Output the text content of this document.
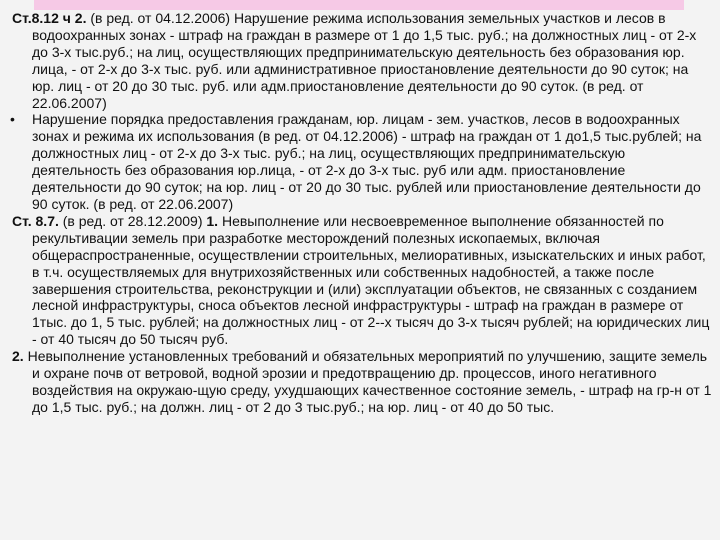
Ст.8.12 ч 2. (в ред. от 04.12.2006) Нарушение режима использования земельных участков и лесов в водоохранных зонах - штраф на граждан в размере от 1 до 1,5 тыс. руб.; на должностных лиц - от 2-х до 3-х тыс.руб.; на лиц, осуществляющих предпринимательскую деятельность без образования юр. лица, - от 2-х до 3-х тыс. руб. или административное приостановление деятельности до 90 суток; на юр. лиц - от 20 до 30 тыс. руб. или адм.приостановление деятельности до 90 суток. (в ред. от 22.06.2007)

• Нарушение порядка предоставления гражданам, юр. лицам - зем. участков, лесов в водоохранных зонах и режима их использования (в ред. от 04.12.2006) - штраф на граждан от 1 до1,5 тыс.рублей; на должностных лиц - от 2-х до 3-х тыс. руб.; на лиц, осуществляющих предпринимательскую деятельность без образования юр.лица, - от 2-х до 3-х тыс. руб или адм. приостановление деятельности до 90 суток; на юр. лиц - от 20 до 30 тыс. рублей или приостановление деятельности до 90 суток. (в ред. от 22.06.2007)

Ст. 8.7. (в ред. от 28.12.2009) 1. Невыполнение или несвоевременное выполнение обязанностей по рекультивации земель при разработке месторождений полезных ископаемых, включая общераспространенные, осуществлении строительных, мелиоративных, изыскательских и иных работ, в т.ч. осуществляемых для внутрихозяйственных или собственных надобностей, а также после завершения строительства, реконструкции и (или) эксплуатации объектов, не связанных с созданием лесной инфраструктуры, сноса объектов лесной инфраструктуры - штраф на граждан в размере от 1тыс. до 1, 5 тыс. рублей; на должностных лиц - от 2--х тысяч до 3-х тысяч рублей; на юридических лиц - от 40 тысяч до 50 тысяч руб.

2. Невыполнение установленных требований и обязательных мероприятий по улучшению, защите земель и охране почв от ветровой, водной эрозии и предотвращению др. процессов, иного негативного воздействия на окружаю-щую среду, ухудшающих качественное состояние земель, - штраф на гр-н от 1 до 1,5 тыс. руб.; на должн. лиц - от 2 до 3 тыс.руб.; на юр. лиц - от 40 до 50 тыс.
